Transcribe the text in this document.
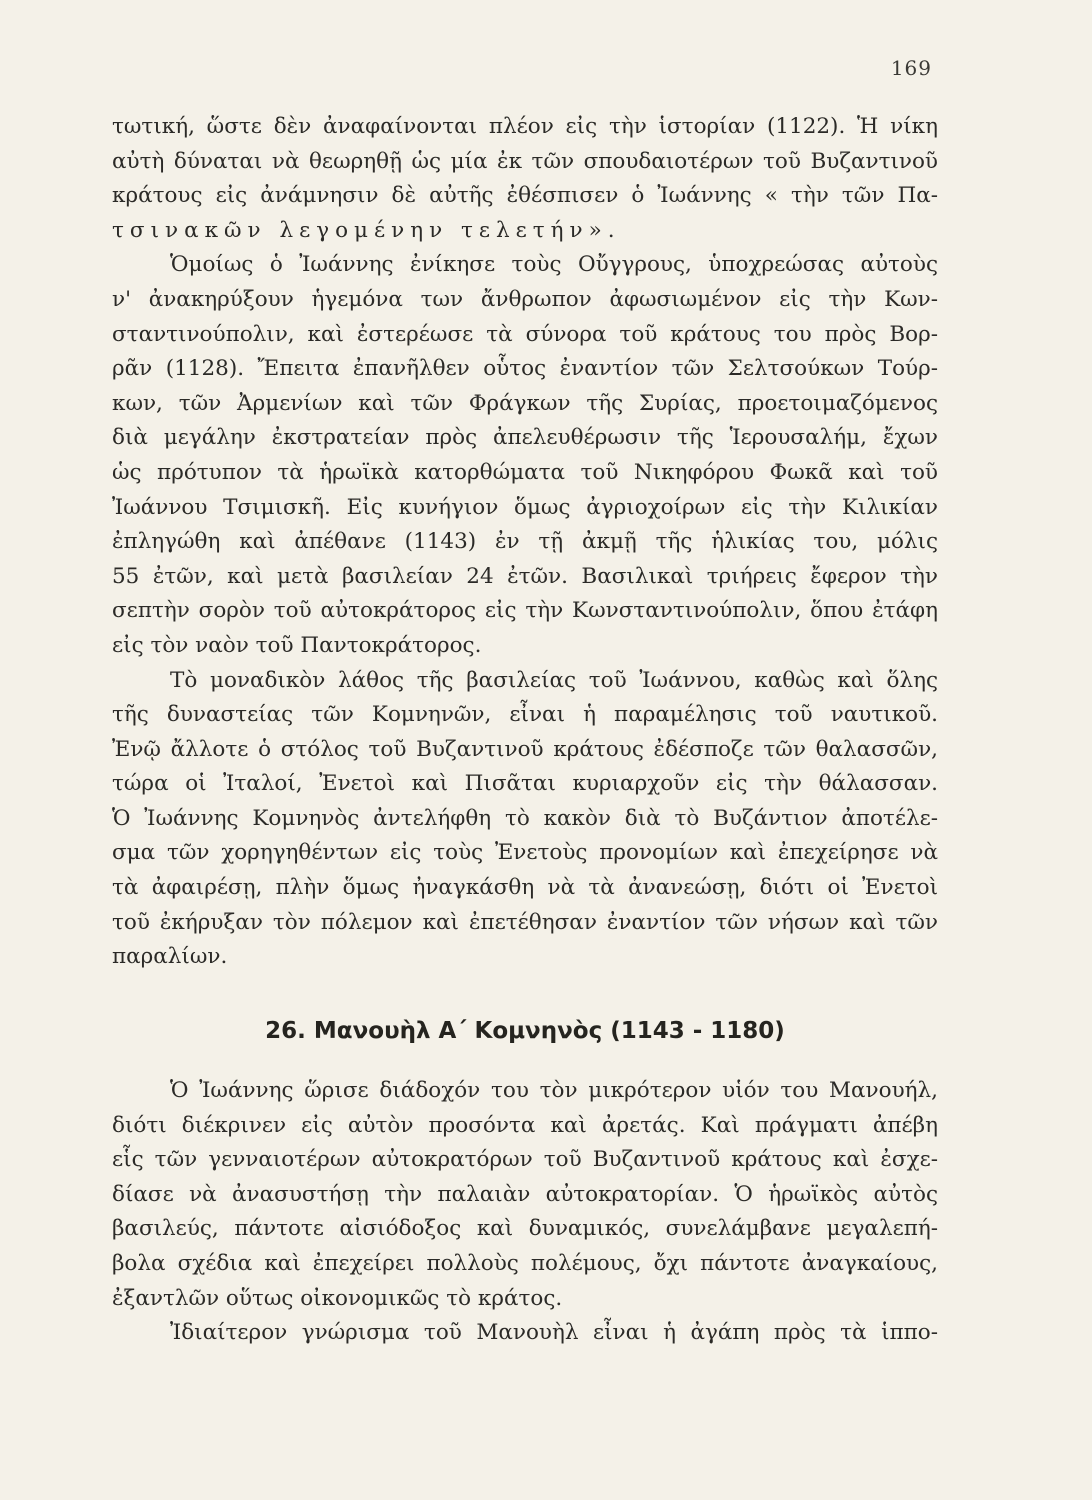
169
τωτική, ὥστε δὲν ἀναφαίνονται πλέον εἰς τὴν ἱστορίαν (1122). Ἡ νίκη
αὐτὴ δύναται νὰ θεωρηθῇ ὡς μία ἐκ τῶν σπουδαιοτέρων τοῦ Βυζαντινοῦ
κράτους εἰς ἀνάμνησιν δὲ αὐτῆς ἐθέσπισεν ὁ Ἰωάννης « τὴν τῶν Πα-
τσινακῶν λεγομένην τελετήν».
Ὁμοίως ὁ Ἰωάννης ἐνίκησε τοὺς Οὔγγρους, ὑποχρεώσας αὐτοὺς
ν' ἀνακηρύξουν ἡγεμόνα των ἄνθρωπον ἀφωσιωμένον εἰς τὴν Κων-
σταντινούπολιν, καὶ ἐστερέωσε τὰ σύνορα τοῦ κράτους του πρὸς Βορ-
ρᾶν (1128). Ἔπειτα ἐπανῆλθεν οὗτος ἐναντίον τῶν Σελτσούκων Τούρ-
κων, τῶν Ἀρμενίων καὶ τῶν Φράγκων τῆς Συρίας, προετοιμαζόμενος
διὰ μεγάλην ἐκστρατείαν πρὸς ἀπελευθέρωσιν τῆς Ἱερουσαλήμ, ἔχων
ὡς πρότυπον τὰ ἡρωϊκὰ κατορθώματα τοῦ Νικηφόρου Φωκᾶ καὶ τοῦ
Ἰωάννου Τσιμισκῆ. Εἰς κυνήγιον ὅμως ἀγριοχοίρων εἰς τὴν Κιλικίαν
ἐπληγώθη καὶ ἀπέθανε (1143) ἐν τῇ ἀκμῇ τῆς ἡλικίας του, μόλις
55 ἐτῶν, καὶ μετὰ βασιλείαν 24 ἐτῶν. Βασιλικαὶ τριήρεις ἔφερον τὴν
σεπτὴν σορὸν τοῦ αὐτοκράτορος εἰς τὴν Κωνσταντινούπολιν, ὅπου ἐτάφη
εἰς τὸν ναὸν τοῦ Παντοκράτορος.
Τὸ μοναδικὸν λάθος τῆς βασιλείας τοῦ Ἰωάννου, καθὼς καὶ ὅλης
τῆς δυναστείας τῶν Κομνηνῶν, εἶναι ἡ παραμέλησις τοῦ ναυτικοῦ.
Ἐνῷ ἄλλοτε ὁ στόλος τοῦ Βυζαντινοῦ κράτους ἐδέσποζε τῶν θαλασσῶν,
τώρα οἱ Ἰταλοί, Ἐνετοὶ καὶ Πισᾶται κυριαρχοῦν εἰς τὴν θάλασσαν.
Ὁ Ἰωάννης Κομνηνὸς ἀντελήφθη τὸ κακὸν διὰ τὸ Βυζάντιον ἀποτέλε-
σμα τῶν χορηγηθέντων εἰς τοὺς Ἐνετοὺς προνομίων καὶ ἐπεχείρησε νὰ
τὰ ἀφαιρέσῃ, πλὴν ὅμως ἠναγκάσθη νὰ τὰ ἀνανεώσῃ, διότι οἱ Ἐνετοὶ
τοῦ ἐκήρυξαν τὸν πόλεμον καὶ ἐπετέθησαν ἐναντίον τῶν νήσων καὶ τῶν
παραλίων.
26. Μανουὴλ Α΄ Κομνηνὸς (1143 - 1180)
Ὁ Ἰωάννης ὥρισε διάδοχόν του τὸν μικρότερον υἱόν του Μανουήλ,
διότι διέκρινεν εἰς αὐτὸν προσόντα καὶ ἀρετάς. Καὶ πράγματι ἀπέβη
εἷς τῶν γενναιοτέρων αὐτοκρατόρων τοῦ Βυζαντινοῦ κράτους καὶ ἐσχε-
δίασε νὰ ἀνασυστήσῃ τὴν παλαιὰν αὐτοκρατορίαν. Ὁ ἡρωϊκὸς αὐτὸς
βασιλεύς, πάντοτε αἰσιόδοξος καὶ δυναμικός, συνελάμβανε μεγαλεπή-
βολα σχέδια καὶ ἐπεχείρει πολλοὺς πολέμους, ὄχι πάντοτε ἀναγκαίους,
ἐξαντλῶν οὕτως οἰκονομικῶς τὸ κράτος.
Ἰδιαίτερον γνώρισμα τοῦ Μανουὴλ εἶναι ἡ ἀγάπη πρὸς τὰ ἱππο-
